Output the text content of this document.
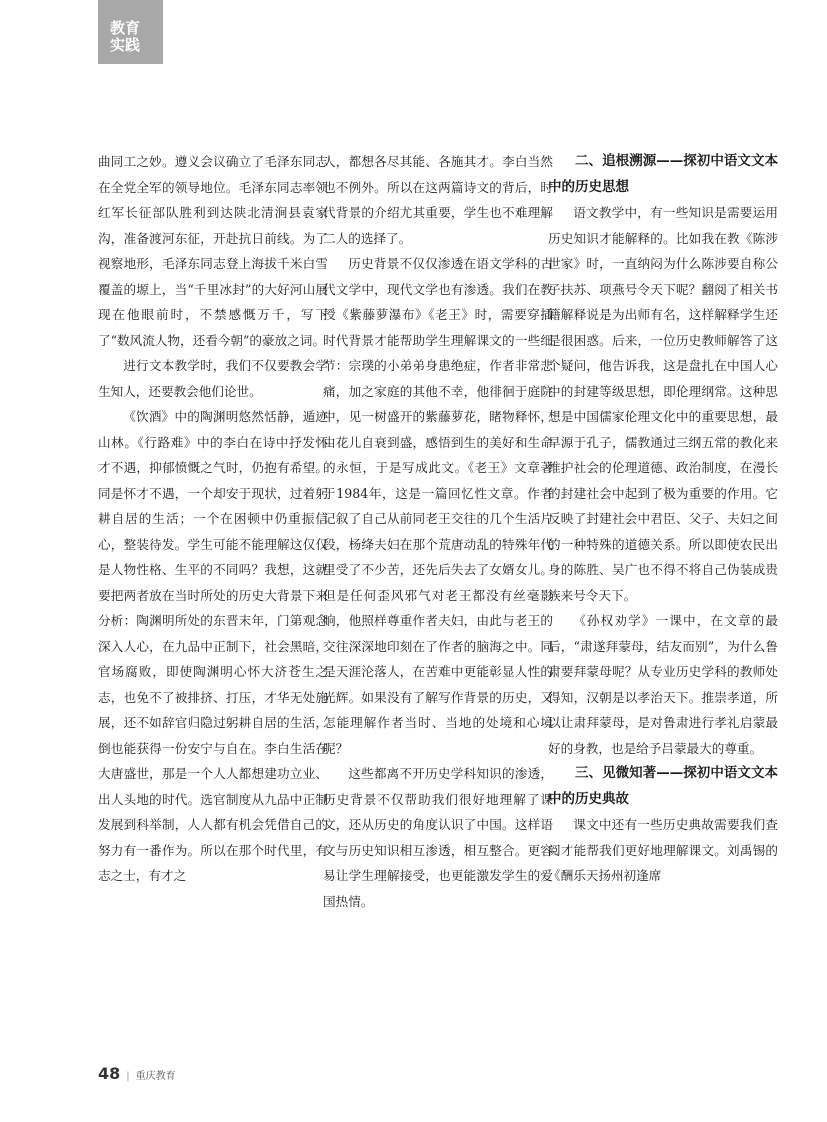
教育
实践

曲同工之妙。遵义会议确立了毛泽东同志在全党全军的领导地位。毛泽东同志率领红军长征部队胜利到达陕北清涧县袁家沟，准备渡河东征，开赴抗日前线。为了视察地形，毛泽东同志登上海拔千米白雪覆盖的塬上，当“千里冰封”的大好河山展现在他眼前时，不禁感慨万千，写下了“数风流人物，还看今朝”的豪放之词。

进行文本教学时，我们不仅要教会学生知人，还要教会他们论世。

《饮酒》中的陶渊明悠然恬静，遁迹山林。《行路难》中的李白在诗中抒发怀才不遇，抑郁愤慨之气时，仍抱有希望。同是怀才不遇，一个却安于现状，过着躬耕自居的生活；一个在困顿中仍重振信心，整装待发。学生可能不能理解这仅仅是人物性格、生平的不同吗？我想，这就要把两者放在当时所处的历史大背景下来分析：陶渊明所处的东晋末年，门第观念深入人心，在九品中正制下，社会黑暗，官场腐败，即使陶渊明心怀大济苍生之志，也免不了被排挤、打压，才华无处施展，还不如辞官归隐过躬耕自居的生活，倒也能获得一份安宁与自在。李白生活在大唐盛世，那是一个人人都想建功立业、出人头地的时代。选官制度从九品中正制发展到科举制，人人都有机会凭借自己的努力有一番作为。所以在那个时代里，有志之士，有才之

人，都想各尽其能、各施其才。李白当然也不例外。所以在这两篇诗文的背后，时代背景的介绍尤其重要，学生也不难理解二人的选择了。

历史背景不仅仅渗透在语文学科的古代文学中，现代文学也有渗透。我们在教授《紫藤萝瀑布》《老王》时，需要穿插时代背景才能帮助学生理解课文的一些细节：宗璞的小弟弟身患绝症，作者非常悲痛，加之家庭的其他不幸，他徘徊于庭院中，见一树盛开的紫藤萝花，睹物释怀，由花儿自衰到盛，感悟到生的美好和生命的永恒，于是写成此文。《老王》文章著于1984年，这是一篇回忆性文章。作者记叙了自己从前同老王交往的几个生活片段，杨绛夫妇在那个荒唐动乱的特殊年代里受了不少苦，还先后失去了女婿女儿。但是任何歪风邪气对老王都没有丝毫影响，他照样尊重作者夫妇，由此与老王的交往深深地印刻在了作者的脑海之中。同是天涯沦落人，在苦难中更能彰显人性的光辉。如果没有了解写作背景的历史，又怎能理解作者当时、当地的处境和心境呢？

这些都离不开历史学科知识的渗透，历史背景不仅帮助我们很好地理解了课文，还从历史的角度认识了中国。这样语文与历史知识相互渗透，相互整合。更容易让学生理解接受，也更能激发学生的爱国热情。

二、追根溯源——探初中语文文本中的历史思想

语文教学中，有一些知识是需要运用历史知识才能解释的。比如我在教《陈涉世家》时，一直纳闷为什么陈涉要自称公子扶苏、项燕号令天下呢？翻阅了相关书籍解释说是为出师有名，这样解释学生还是很困惑。后来，一位历史教师解答了这个疑问，他告诉我，这是盘扎在中国人心中的封建等级思想，即伦理纲常。这种思想是中国儒家伦理文化中的重要思想，最早源于孔子，儒教通过三纲五常的教化来维护社会的伦理道德、政治制度，在漫长的封建社会中起到了极为重要的作用。它反映了封建社会中君臣、父子、夫妇之间的一种特殊的道德关系。所以即使农民出身的陈胜、吴广也不得不将自己伪装成贵族来号令天下。

《孙权劝学》一课中，在文章的最后，“肃遂拜蒙母，结友而别”，为什么鲁肃要拜蒙母呢？从专业历史学科的教师处得知，汉朝是以孝治天下。推崇孝道，所以让肃拜蒙母，是对鲁肃进行孝礼启蒙最好的身教，也是给予吕蒙最大的尊重。

三、见微知著——探初中语文文本中的历史典故

课文中还有一些历史典故需要我们查阅才能帮我们更好地理解课文。刘禹锡的《酬乐天扬州初逢席

48 | 重庆教育
